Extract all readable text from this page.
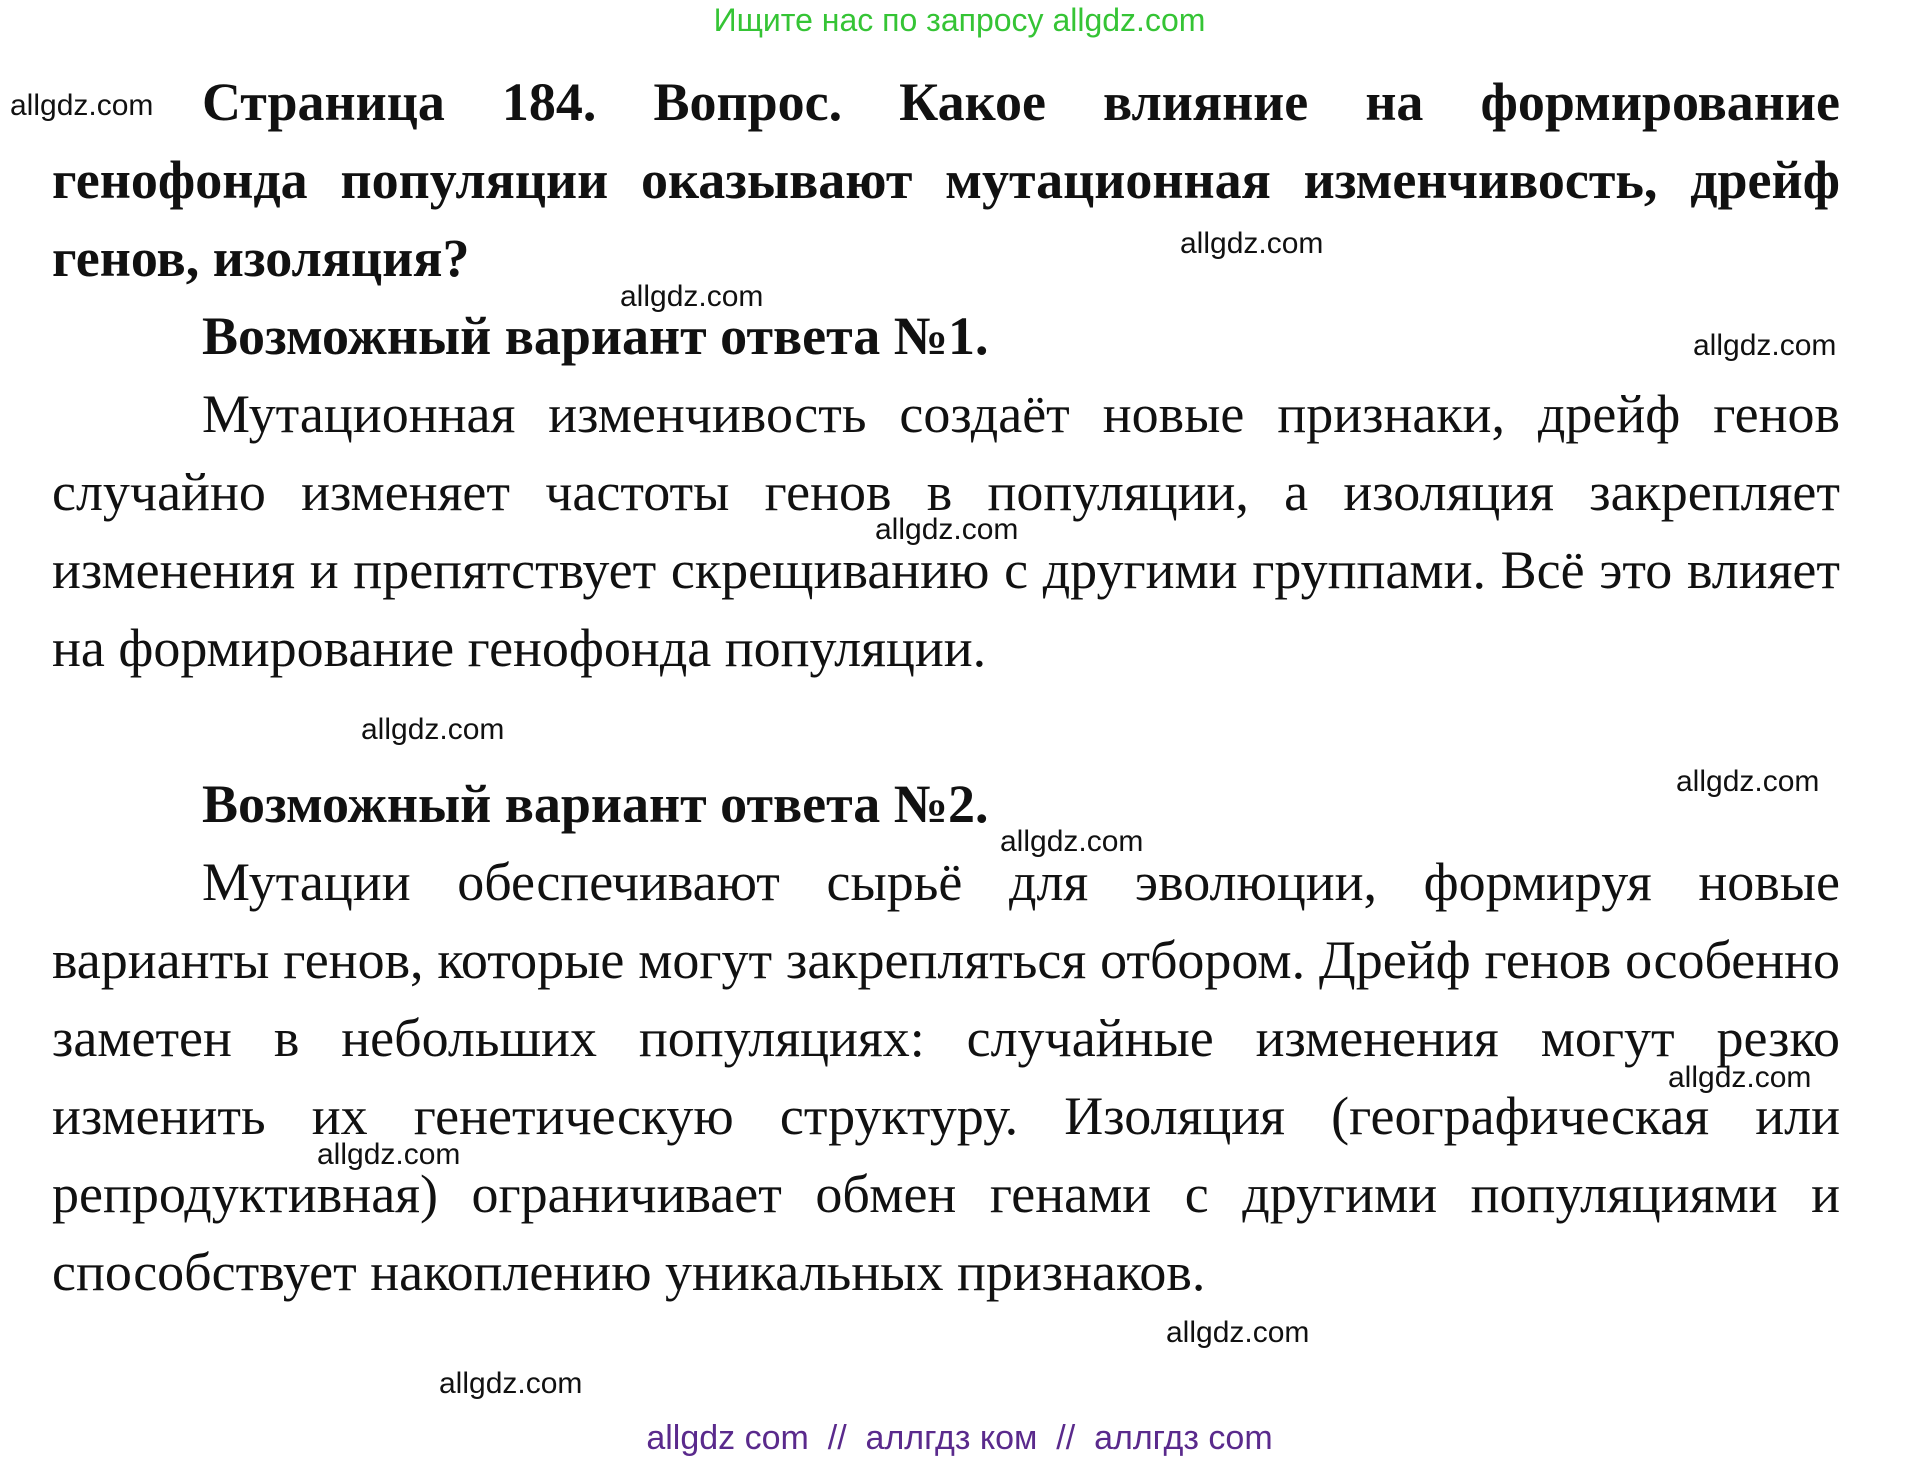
Ищите нас по запросу allgdz.com
Страница 184. Вопрос. Какое влияние на формирование генофонда популяции оказывают мутационная изменчивость, дрейф генов, изоляция?
Возможный вариант ответа №1.
Мутационная изменчивость создаёт новые признаки, дрейф генов случайно изменяет частоты генов в популяции, а изоляция закрепляет изменения и препятствует скрещиванию с другими группами. Всё это влияет на формирование генофонда популяции.
Возможный вариант ответа №2.
Мутации обеспечивают сырьё для эволюции, формируя новые варианты генов, которые могут закрепляться отбором. Дрейф генов особенно заметен в небольших популяциях: случайные изменения могут резко изменить их генетическую структуру. Изоляция (географическая или репродуктивная) ограничивает обмен генами с другими популяциями и способствует накоплению уникальных признаков.
allgdz.com
allgdz.com
allgdz.com
allgdz.com
allgdz.com
allgdz.com
allgdz.com
allgdz.com
allgdz.com
allgdz.com
allgdz.com
allgdz.com
allgdz com  //  аллгдз ком  //  аллгдз com
